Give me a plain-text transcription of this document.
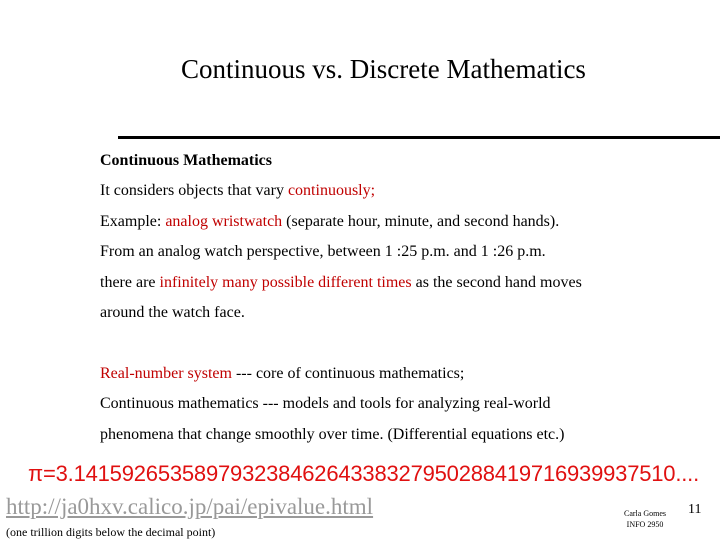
Continuous vs. Discrete Mathematics
Continuous Mathematics
It considers objects that vary continuously;
Example: analog wristwatch (separate hour, minute, and second hands).
From an analog watch perspective, between 1 :25 p.m. and 1 :26 p.m.
there are infinitely many possible different times as the second hand moves
around the watch face.
Real-number system --- core of continuous mathematics;
Continuous mathematics --- models and tools for analyzing real-world
phenomena that change smoothly over time. (Differential equations etc.)
π=3.14159265358979323846264338327950288419716939937510....
http://ja0hxv.calico.jp/pai/epivalue.html
(one trillion digits below the decimal point)
Carla Gomes
INFO 2950
11
